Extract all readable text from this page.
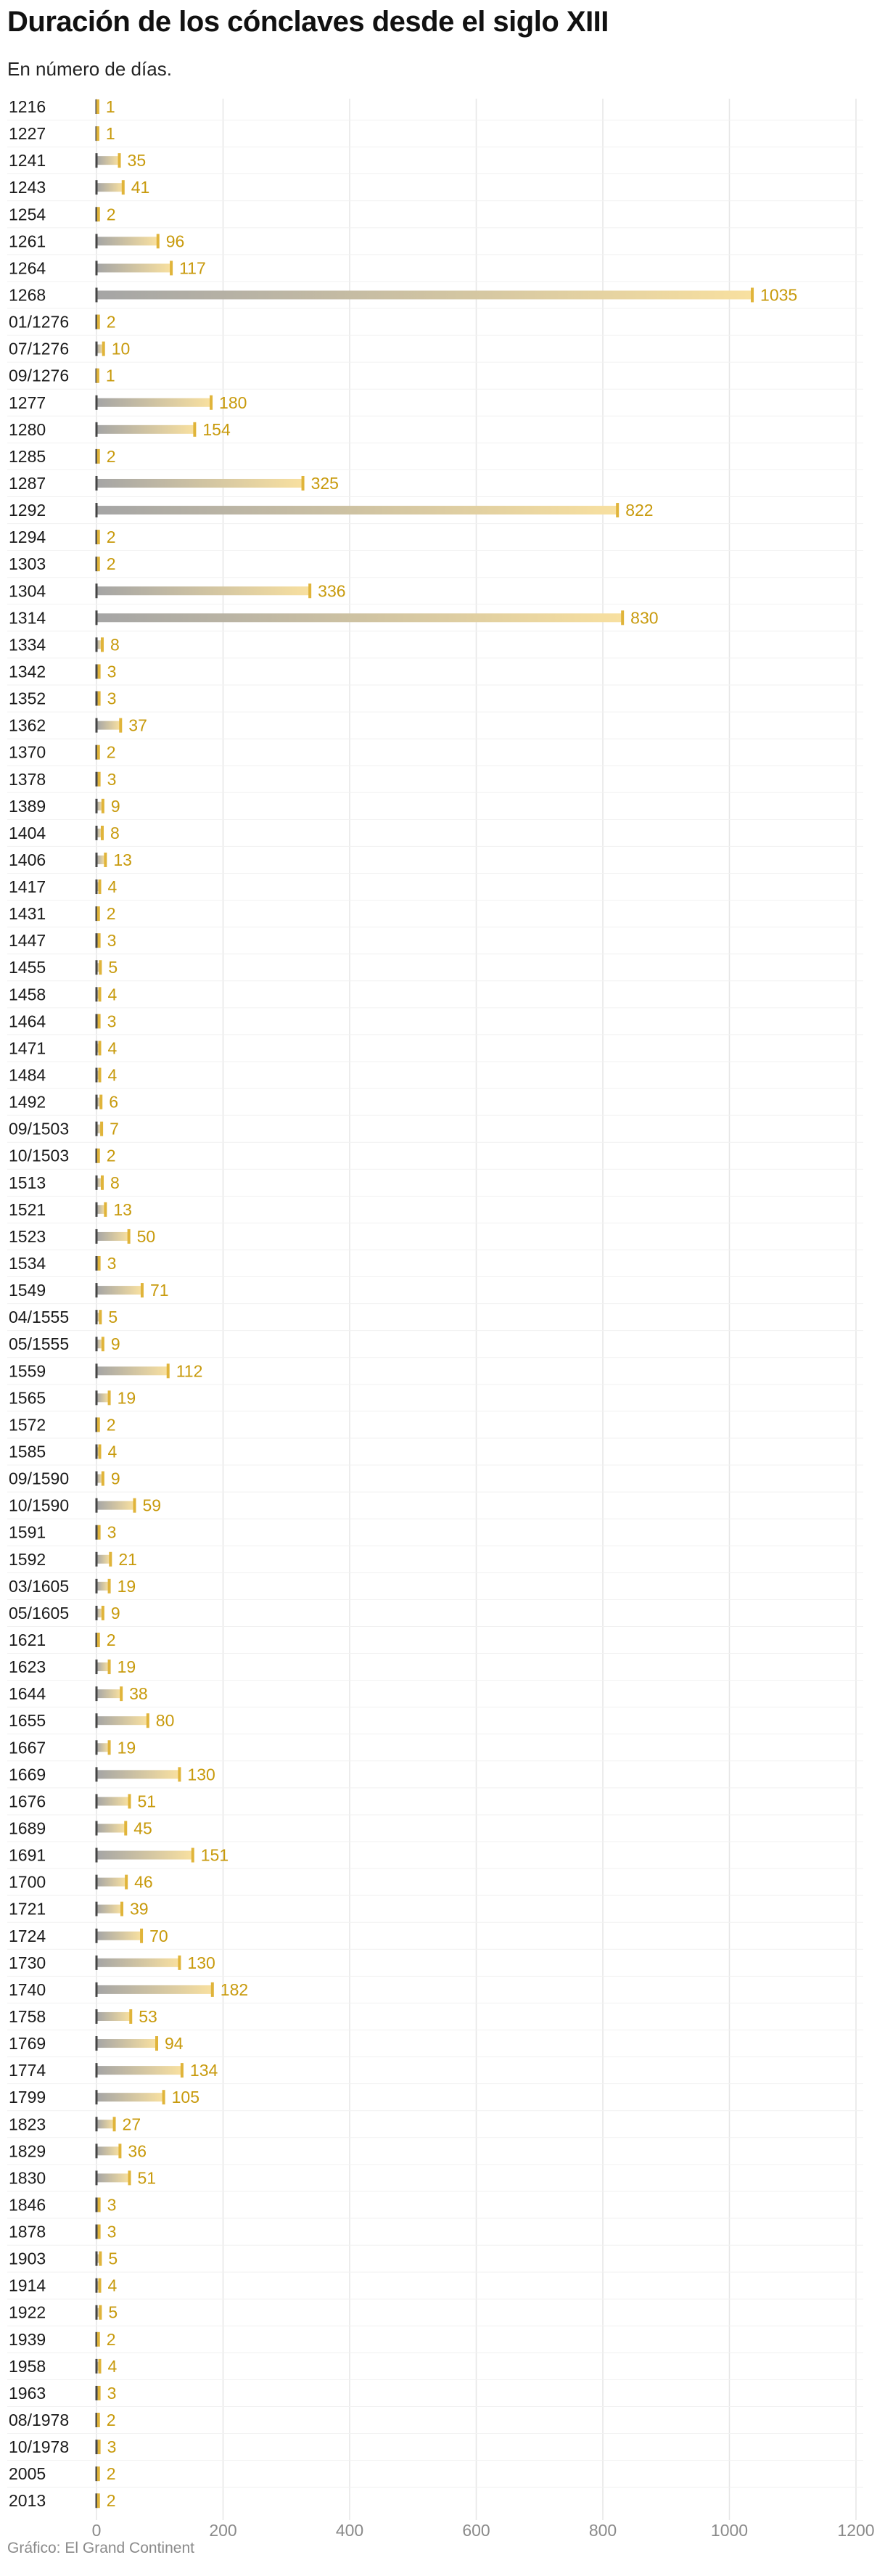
Duración de los cónclaves desde el siglo XIII

En número de días.

1216	1
1227	1
1241	35
1243	41
1254	2
1261	96
1264	117
1268	1035
01/1276 2
07/1276	10
09/1276 1
1277	180
1280	154
1285	2
1287	325
1292	822
1294	2
1303	2
1304	336
1314	830
1334	8
1342	3
1352	3
1362	37
1370	2
1378	3
1389	9
1404	8
1406	13
1417	4
1431	2
1447	3
1455	5
1458	4
1464	3
1471	4
1484	4
1492	6
09/1503 7
10/1503 2
1513	8
1521	13
1523	50
1534	3
1549	71
04/1555 5
05/1555	9
1559	112
1565	19
1572	2
1585	4
09/1590	9
10/1590	59
1591	3
1592	21
03/1605	19
05/1605	9
1621	2
1623	19
1644	38
1655	80
1667	19
1669	130
1676	51
1689	45
1691	151
1700	46
1721	39
1724	70
1730	130
1740	182
1758	53
1769	94
1774	134
1799	105
1823	27
1829	36
1830	51
1846	3
1878	3
1903	5
1914	4
1922	5
1939	2
1958	4
1963	3
08/1978 2
10/1978 3
2005	2
2013	2
0	200	400	600	800	1000	1200
Gráfico: El Grand Continent
